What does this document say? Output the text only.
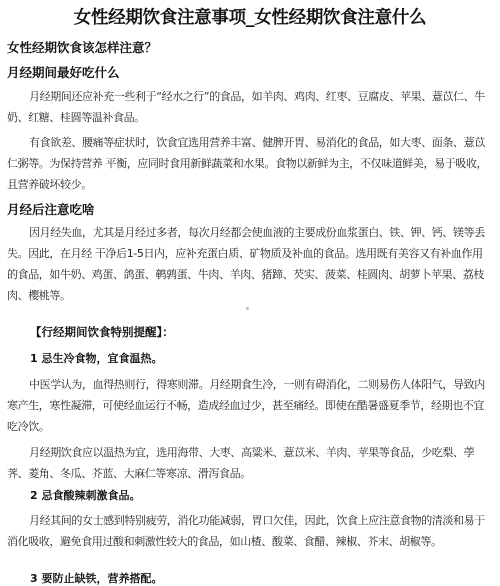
女性经期饮食注意事项_女性经期饮食注意什么
女性经期饮食该怎样注意？
月经期间最好吃什么

月经期间还应补充一些利于“经水之行”的食品，如羊肉、鸡肉、红枣、豆腐皮、苹果、薏苡仁、牛奶、红糖、桂圆等温补食品。

有食欲差、腰痛等症状时，饮食宜选用营养丰富、健脾开胃、易消化的食品，如大枣、面条、薏苡仁粥等。为保持营养 平衡，应同时食用新鲜蔬菜和水果。食物以新鲜为主，不仅味道鲜美，易于吸收，且营养破坏较少。

月经后注意吃啥

因月经失血，尤其是月经过多者，每次月经都会使血液的主要成份血浆蛋白、铁、钾、钙、镁等丢失。因此，在月经 干净后1-5日内，应补充蛋白质、矿物质及补血的食品。选用既有美容又有补血作用的食品，如牛奶、鸡蛋、鸽蛋、鹌鹑蛋、牛肉、羊肉、猪蹄、芡实、菠菜、桂圆肉、胡萝卜苹果、荔枝肉、樱桃等。

【行经期间饮食特别提醒】：
1 忌生冷食物，宜食温热。

中医学认为，血得热则行，得寒则滞。月经期食生冷，一则有碍消化，二则易伤人体阳气，导致内寒产生，寒性凝滞，可使经血运行不畅，造成经血过少，甚至痛经。即使在酷暑盛夏季节，经期也不宜吃冷饮。

月经期饮食应以温热为宜，选用海带、大枣、高粱米、薏苡米、羊肉、苹果等食品，少吃梨、荸荠、菱角、冬瓜、芥蓝、大麻仁等寒凉、滑泻食品。

2 忌食酸辣刺激食品。

月经其间的女士感到特别疲劳，消化功能减弱，胃口欠佳，因此，饮食上应注意食物的清淡和易于消化吸收，避免食用过酸和刺激性较大的食品，如山楂、酸菜、食醋、辣椒、芥末、胡椒等。

3 要防止缺铁，营养搭配。
